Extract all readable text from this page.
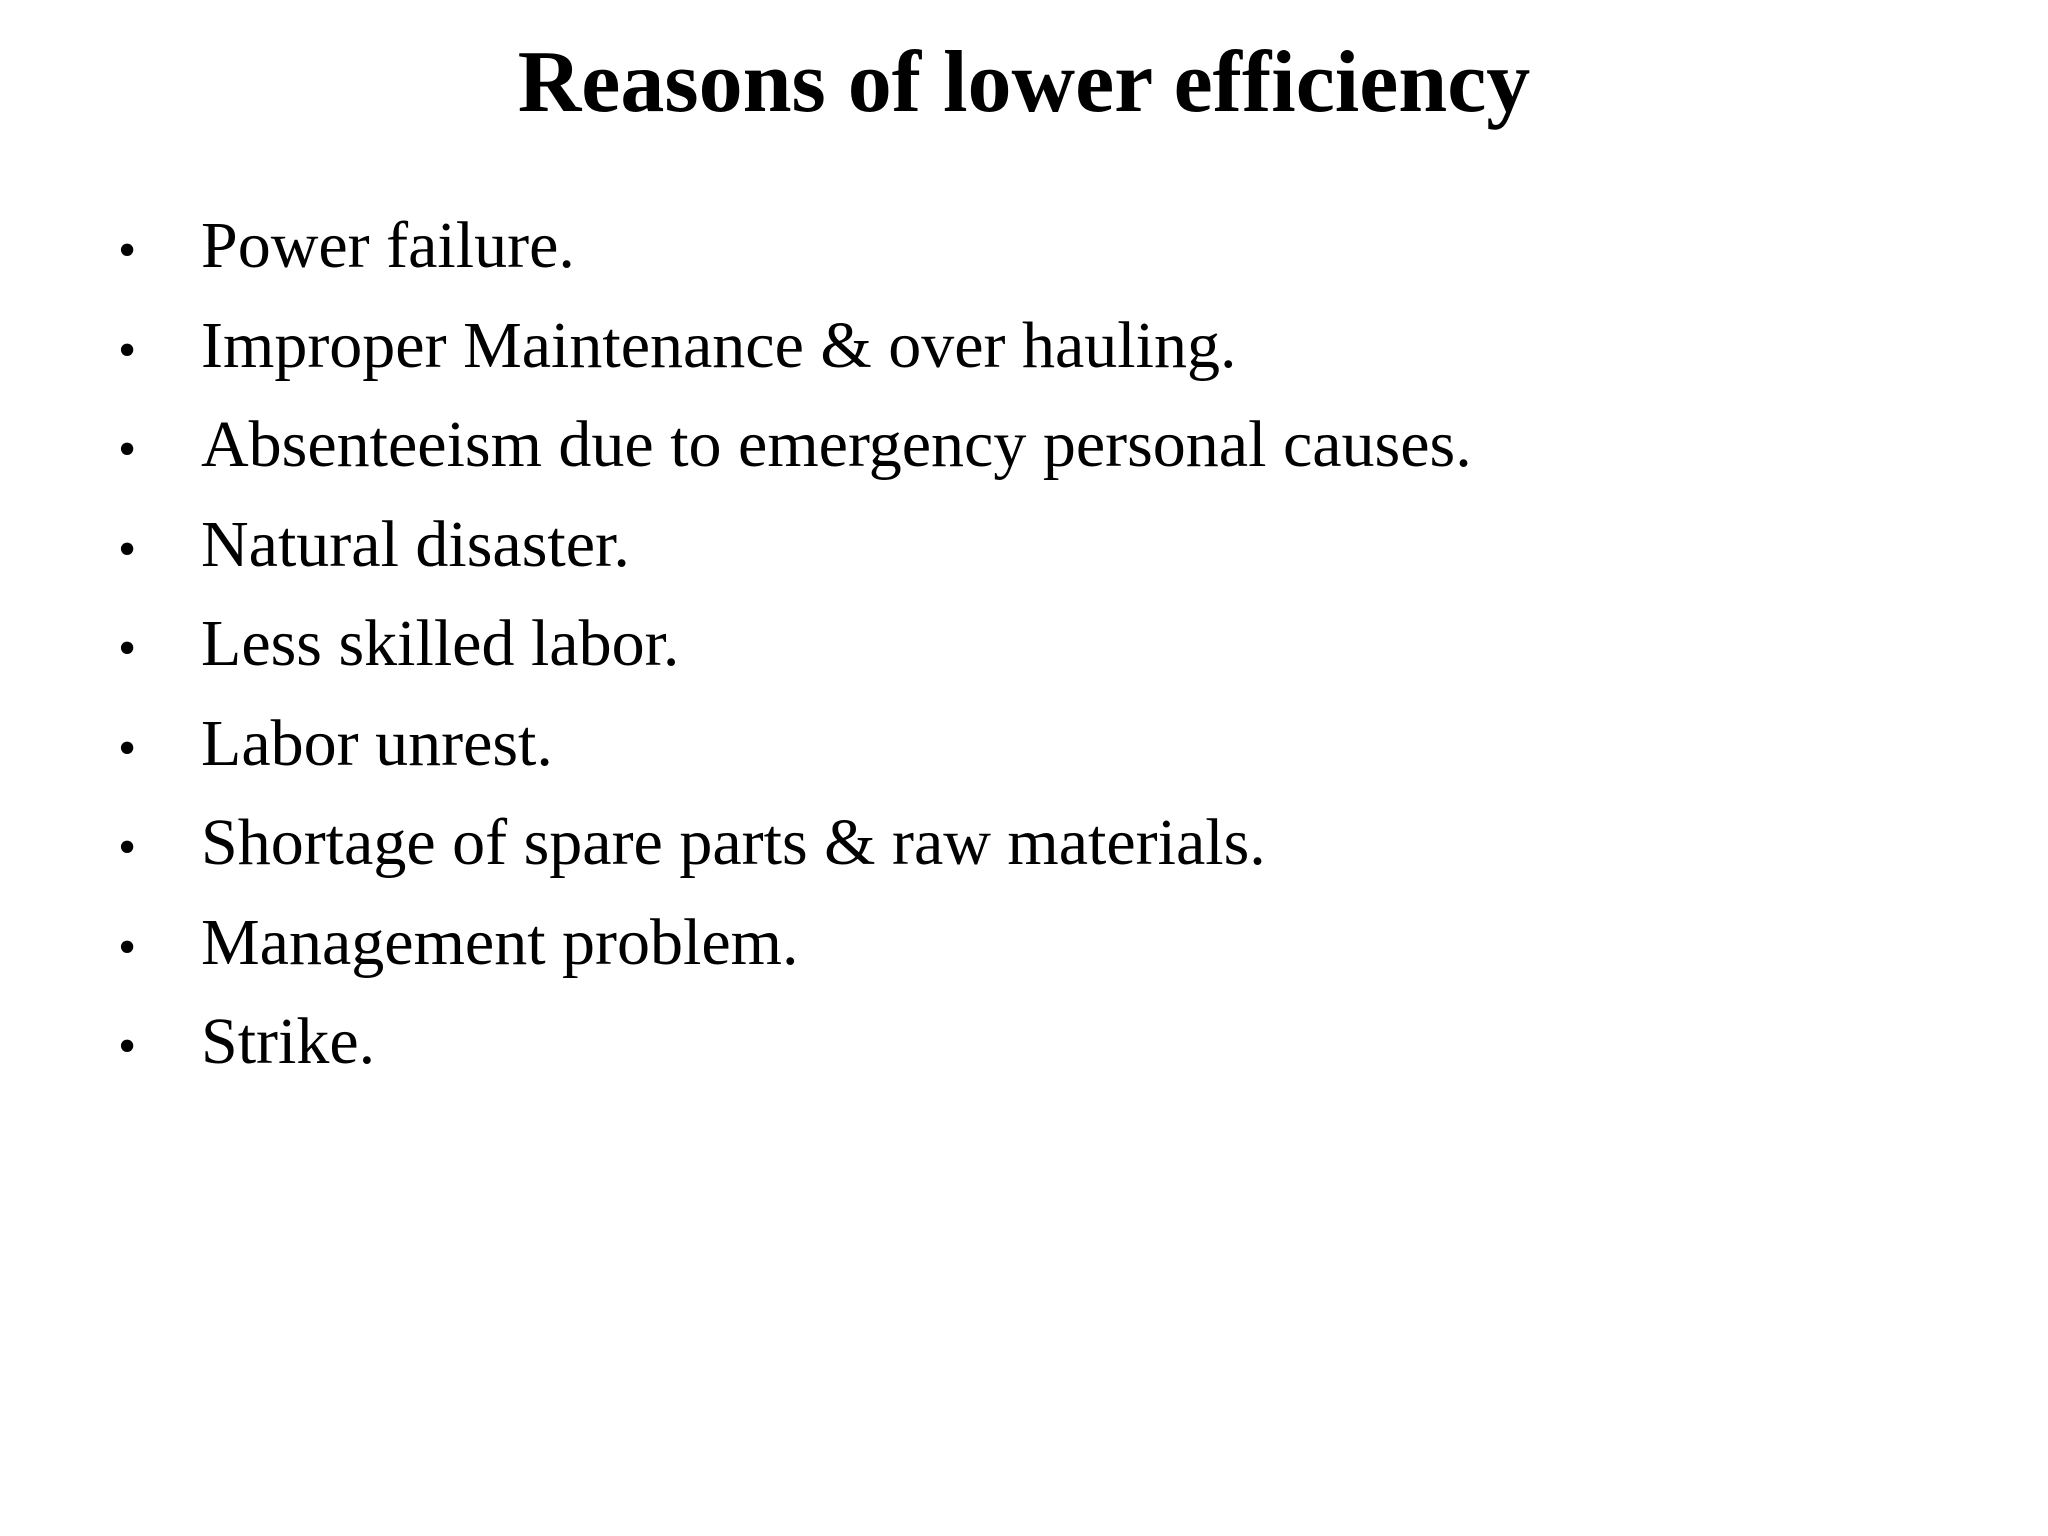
Reasons of lower efficiency
• Power failure.
• Improper Maintenance & over hauling.
• Absenteeism due to emergency personal causes.
• Natural disaster.
• Less skilled labor.
• Labor unrest.
• Shortage of spare parts & raw materials.
• Management problem.
• Strike.
